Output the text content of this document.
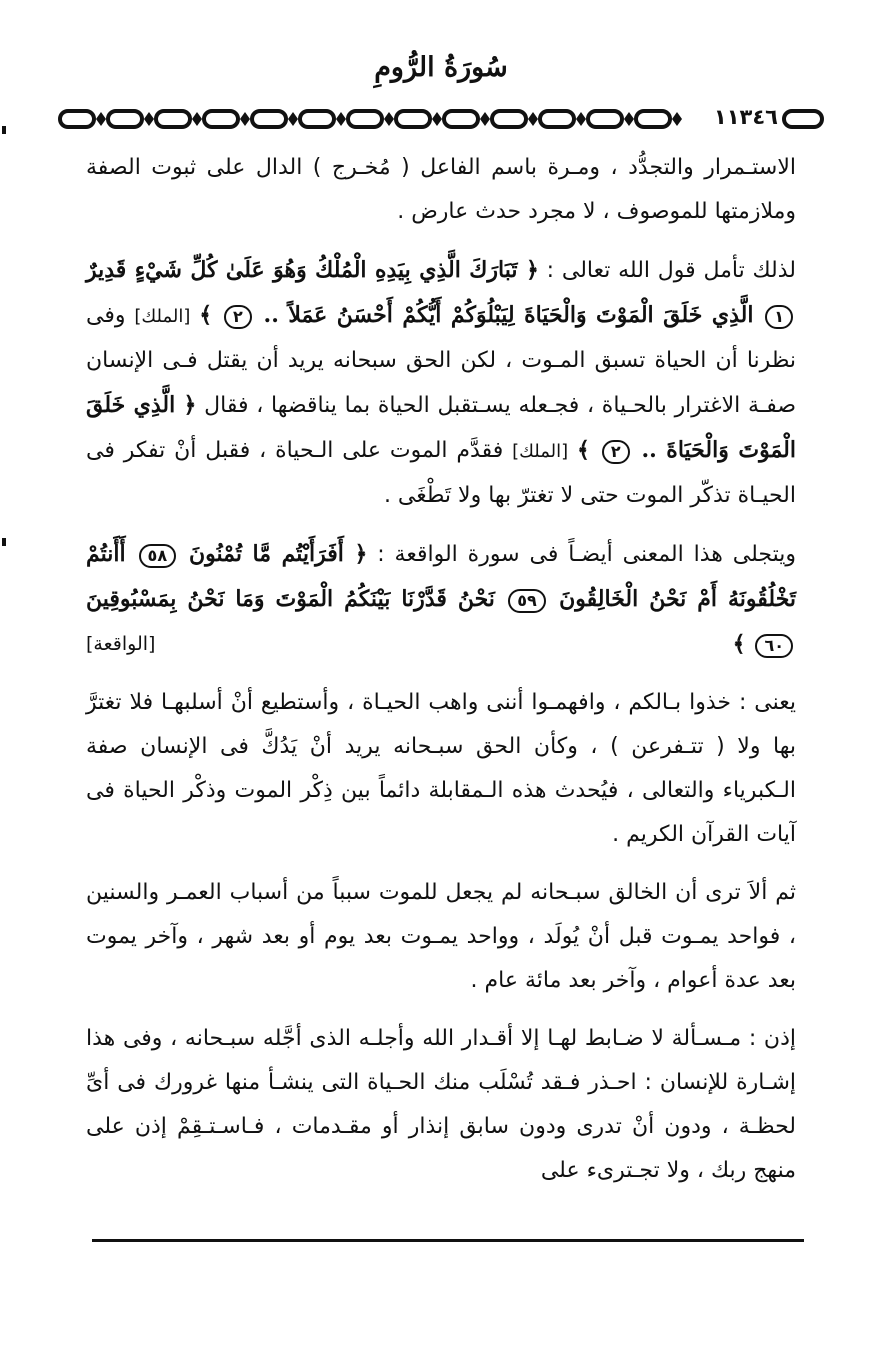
سُورَةُ الرُّومِ
١١٣٤٦

الاستـمرار والتجدُّد ، ومـرة باسم الفاعل ( مُخـرج ) الدال على ثبوت الصفة وملازمتها للموصوف ، لا مجرد حدث عارض .

لذلك تأمل قول الله تعالى : ﴿ تَبَارَكَ الَّذِي بِيَدِهِ الْمُلْكُ وَهُوَ عَلَىٰ كُلِّ شَيْءٍ قَدِيرٌ ١ الَّذِي خَلَقَ الْمَوْتَ وَالْحَيَاةَ لِيَبْلُوَكُمْ أَيُّكُمْ أَحْسَنُ عَمَلاً .. ٢ ﴾ [الملك] وفى نظرنا أن الحياة تسبق المـوت ، لكن الحق سبحانه يريد أن يقتل فـى الإنسان صفـة الاغترار بالحـياة ، فجـعله يسـتقبل الحياة بما يناقضها ، فقال ﴿ الَّذِي خَلَقَ الْمَوْتَ وَالْحَيَاةَ .. ٢ ﴾ [الملك] فقدَّم الموت على الـحياة ، فقبل أنْ تفكر فى الحيـاة تذكّر الموت حتى لا تغترّ بها ولا تَطْغَى .

ويتجلى هذا المعنى أيضـاً فى سورة الواقعة : ﴿ أَفَرَأَيْتُم مَّا تُمْنُونَ ٥٨ أَأَنتُمْ تَخْلُقُونَهُ أَمْ نَحْنُ الْخَالِقُونَ ٥٩ نَحْنُ قَدَّرْنَا بَيْنَكُمُ الْمَوْتَ وَمَا نَحْنُ بِمَسْبُوقِينَ ٦٠ ﴾
[الواقعة]

يعنى : خذوا بـالكم ، وافهمـوا أننى واهب الحيـاة ، وأستطيع أنْ أسلبهـا فلا تغترَّ بها ولا ( تتـفرعن ) ، وكأن الحق سبـحانه يريد أنْ يَدُكَّ فى الإنسان صفة الـكبرياء والتعالى ، فيُحدث هذه الـمقابلة دائماً بين ذِكْر الموت وذكْر الحياة فى آيات القرآن الكريم .

ثم ألاَ ترى أن الخالق سبـحانه لم يجعل للموت سبباً من أسباب العمـر والسنين ، فواحد يمـوت قبل أنْ يُولَد ، وواحد يمـوت بعد يوم أو بعد شهر ، وآخر يموت بعد عدة أعوام ، وآخر بعد مائة عام .

إذن : مـسـألة لا ضـابط لهـا إلا أقـدار الله وأجلـه الذى أجَّله سبـحانه ، وفى هذا إشـارة للإنسان : احـذر فـقد تُسْلَب منك الحـياة التى ينشـأ منها غرورك فى أىِّ لحظـة ، ودون أنْ تدرى ودون سابق إنذار أو مقـدمات ، فـاسـتـقِمْ إذن على منهج ربك ، ولا تجـترىء على
